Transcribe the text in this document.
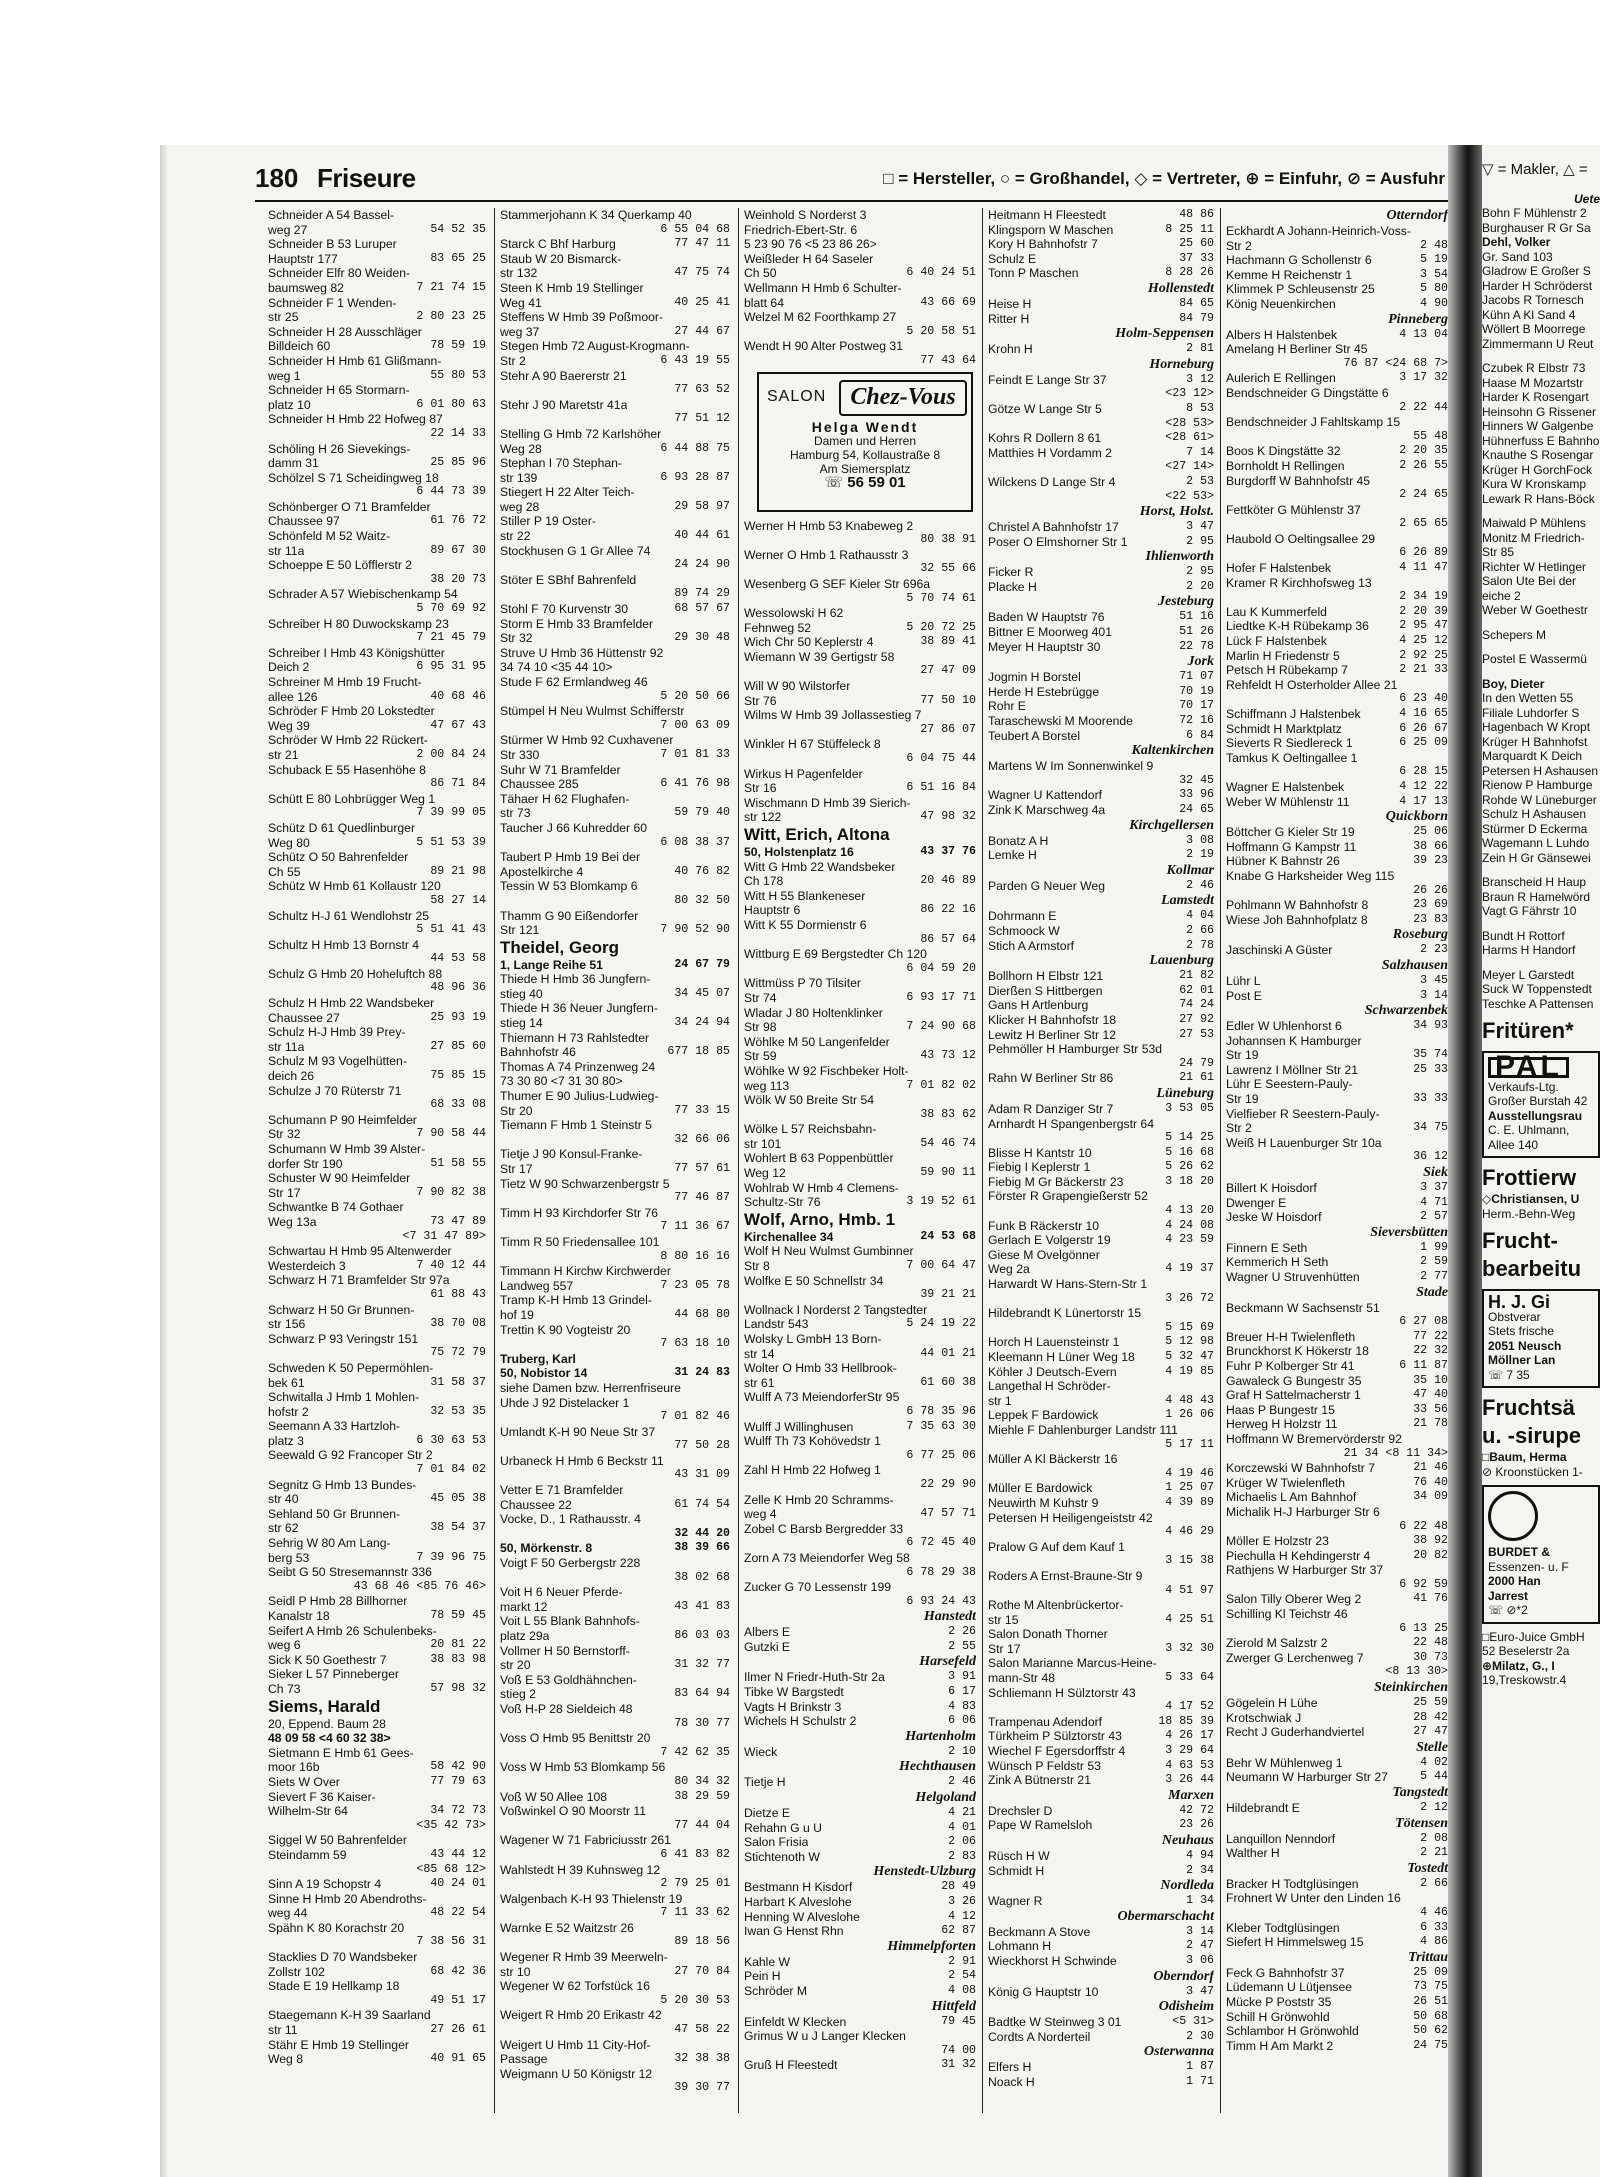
180 Friseure	□ = Hersteller, ○ = Großhandel, ◇ = Vertreter, ⊕ = Einfuhr, ⊘ = Ausfuhr
Schneider A 54 Bassel-
weg 27	54 52 35
Schneider B 53 Luruper
Hauptstr 177	83 65 25
Schneider Elfr 80 Weiden-
baumsweg 82	7 21 74 15
Schneider F 1 Wenden-
str 25	2 80 23 25
Schneider H 28 Ausschläger
Billdeich 60	78 59 19
Schneider H Hmb 61 Glißmann-
weg 1	55 80 53
Schneider H 65 Stormarn-
platz 10	6 01 80 63
Schneider H Hmb 22 Hofweg 87
22 14 33
Schöling H 26 Sievekings-
damm 31	25 85 96
Schölzel S 71 Scheidingweg 18
6 44 73 39
Schönberger O 71 Bramfelder
Chaussee 97	61 76 72
Schönfeld M 52 Waitz-
str 11a	89 67 30
Schoeppe E 50 Löfflerstr 2
38 20 73
Schrader A 57 Wiebischenkamp 54
5 70 69 92
Schreiber H 80 Duwockskamp 23
7 21 45 79
Schreiber I Hmb 43 Königshütter
Deich 2	6 95 31 95
Schreiner M Hmb 19 Frucht-
allee 126	40 68 46
Schröder F Hmb 20 Lokstedter
Weg 39	47 67 43
Schröder W Hmb 22 Rückert-
str 21	2 00 84 24
Schuback E 55 Hasenhöhe 8
86 71 84
Schütt E 80 Lohbrügger Weg 1
7 39 99 05
Schütz D 61 Quedlinburger
Weg 80	5 51 53 39
Schütz O 50 Bahrenfelder
Ch 55	89 21 98
Schütz W Hmb 61 Kollaustr 120
58 27 14
Schultz H-J 61 Wendlohstr 25
5 51 41 43
Schultz H Hmb 13 Bornstr 4
44 53 58
Schulz G Hmb 20 Hoheluftch 88
48 96 36
Schulz H Hmb 22 Wandsbeker
Chaussee 27	25 93 19
Schulz H-J Hmb 39 Prey-
str 11a	27 85 60
Schulz M 93 Vogelhütten-
deich 26	75 85 15
Schulze J 70 Rüterstr 71
68 33 08
Schumann P 90 Heimfelder
Str 32	7 90 58 44
Schumann W Hmb 39 Alster-
dorfer Str 190	51 58 55
Schuster W 90 Heimfelder
Str 17	7 90 82 38
Schwantke B 74 Gothaer
Weg 13a	73 47 89
<7 31 47 89>
Schwartau H Hmb 95 Altenwerder
Westerdeich 3	7 40 12 44
Schwarz H 71 Bramfelder Str 97a
61 88 43
Schwarz H 50 Gr Brunnen-
str 156	38 70 08
Schwarz P 93 Veringstr 151
75 72 79
Schweden K 50 Pepermöhlen-
bek 61	31 58 37
Schwitalla J Hmb 1 Mohlen-
hofstr 2	32 53 35
Seemann A 33 Hartzloh-
platz 3	6 30 63 53
Seewald G 92 Francoper Str 2
7 01 84 02
Segnitz G Hmb 13 Bundes-
str 40	45 05 38
Sehland 50 Gr Brunnen-
str 62	38 54 37
Sehrig W 80 Am Lang-
berg 53	7 39 96 75
Seibt G 50 Stresemannstr 336
43 68 46 <85 76 46>
Seidl P Hmb 28 Billhorner
Kanalstr 18	78 59 45
Seifert A Hmb 26 Schulenbeks-
weg 6	20 81 22
Sick K 50 Goethestr 7	38 83 98
Sieker L 57 Pinneberger
Ch 73	57 98 32
Siems, Harald
20, Eppend. Baum 28
48 09 58 <4 60 32 38>
Sietmann E Hmb 61 Gees-
moor 16b	58 42 90
Siets W Over	77 79 63
Sievert F 36 Kaiser-
Wilhelm-Str 64	34 72 73
<35 42 73>
Siggel W 50 Bahrenfelder
Steindamm 59	43 44 12
<85 68 12>
Sinn A 19 Schopstr 4	40 24 01
Sinne H Hmb 20 Abendroths-
weg 44	48 22 54
Spähn K 80 Korachstr 20
7 38 56 31
Stacklies D 70 Wandsbeker
Zollstr 102	68 42 36
Stade E 19 Hellkamp 18
49 51 17
Staegemann K-H 39 Saarland
str 11	27 26 61
Stähr E Hmb 19 Stellinger
Weg 8	40 91 65
Stammerjohann K 34 Querkamp 40
6 55 04 68
Starck C Bhf Harburg	77 47 11
Staub W 20 Bismarck-
str 132	47 75 74
Steen K Hmb 19 Stellinger
Weg 41	40 25 41
Steffens W Hmb 39 Poßmoor-
weg 37	27 44 67
Stegen Hmb 72 August-Krogmann-
Str 2	6 43 19 55
Stehr A 90 Baererstr 21
77 63 52
Stehr J 90 Maretstr 41a
77 51 12
Stelling G Hmb 72 Karlshöher
Weg 28	6 44 88 75
Stephan I 70 Stephan-
str 139	6 93 28 87
Stiegert H 22 Alter Teich-
weg 28	29 58 97
Stiller P 19 Oster-
str 22	40 44 61
Stockhusen G 1 Gr Allee 74
24 24 90
Stöter E SBhf Bahrenfeld
89 74 29
Stohl F 70 Kurvenstr 30	68 57 67
Storm E Hmb 33 Bramfelder
Str 32	29 30 48
Struve U Hmb 36 Hüttenstr 92
34 74 10 <35 44 10>
Stude F 62 Ermlandweg 46
5 20 50 66
Stümpel H Neu Wulmst Schifferstr
7 00 63 09
Stürmer W Hmb 92 Cuxhavener
Str 330	7 01 81 33
Suhr W 71 Bramfelder
Chaussee 285	6 41 76 98
Tähaer H 62 Flughafen-
str 73	59 79 40
Taucher J 66 Kuhredder 60
6 08 38 37
Taubert P Hmb 19 Bei der
Apostelkirche 4	40 76 82
Tessin W 53 Blomkamp 6
80 32 50
Thamm G 90 Eißendorfer
Str 121	7 90 52 90
Theidel, Georg
1, Lange Reihe 51	24 67 79
Thiede H Hmb 36 Jungfern-
stieg 40	34 45 07
Thiede H 36 Neuer Jungfern-
stieg 14	34 24 94
Thiemann H 73 Rahlstedter
Bahnhofstr 46	677 18 85
Thomas A 74 Prinzenweg 24
73 30 80 <7 31 30 80>
Thumer E 90 Julius-Ludwieg-
Str 20	77 33 15
Tiemann F Hmb 1 Steinstr 5
32 66 06
Tietje J 90 Konsul-Franke-
Str 17	77 57 61
Tietz W 90 Schwarzenbergstr 5
77 46 87
Timm H 93 Kirchdorfer Str 76
7 11 36 67
Timm R 50 Friedensallee 101
8 80 16 16
Timmann H Kirchw Kirchwerder
Landweg 557	7 23 05 78
Tramp K-H Hmb 13 Grindel-
hof 19	44 68 80
Trettin K 90 Vogteistr 20
7 63 18 10
Truberg, Karl
50, Nobistor 14	31 24 83
siehe Damen bzw. Herrenfriseure
Uhde J 92 Distelacker 1
7 01 82 46
Umlandt K-H 90 Neue Str 37
77 50 28
Urbaneck H Hmb 6 Beckstr 11
43 31 09
Vetter E 71 Bramfelder
Chaussee 22	61 74 54
Vocke, D., 1 Rathausstr. 4
32 44 20
50, Mörkenstr. 8	38 39 66
Voigt F 50 Gerbergstr 228
38 02 68
Voit H 6 Neuer Pferde-
markt 12	43 41 83
Voit L 55 Blank Bahnhofs-
platz 29a	86 03 03
Vollmer H 50 Bernstorff-
str 20	31 32 77
Voß E 53 Goldhähnchen-
stieg 2	83 64 94
Voß H-P 28 Sieldeich 48
78 30 77
Voss O Hmb 95 Benittstr 20
7 42 62 35
Voss W Hmb 53 Blomkamp 56
80 34 32
Voß W 50 Allee 108	38 29 59
Voßwinkel O 90 Moorstr 11
77 44 04
Wagener W 71 Fabriciusstr 261
6 41 83 82
Wahlstedt H 39 Kuhnsweg 12
2 79 25 01
Walgenbach K-H 93 Thielenstr 19
7 11 33 62
Warnke E 52 Waitzstr 26
89 18 56
Wegener R Hmb 39 Meerweln-
str 10	27 70 84
Wegener W 62 Torfstück 16
5 20 30 53
Weigert R Hmb 20 Erikastr 42
47 58 22
Weigert U Hmb 11 City-Hof-
Passage	32 38 38
Weigmann U 50 Königstr 12
39 30 77
Weinhold S Norderst 3
Friedrich-Ebert-Str. 6
5 23 90 76 <5 23 86 26>
Weißleder H 64 Saseler
Ch 50	6 40 24 51
Wellmann H Hmb 6 Schulter-
blatt 64	43 66 69
Welzel M 62 Foorthkamp 27
5 20 58 51
Wendt H 90 Alter Postweg 31
77 43 64
Werner H Hmb 53 Knabeweg 2
80 38 91
Werner O Hmb 1 Rathausstr 3
32 55 66
Wesenberg G SEF Kieler Str 696a
5 70 74 61
Wessolowski H 62
Fehnweg 52	5 20 72 25
Wich Chr 50 Keplerstr 4	38 89 41
Wiemann W 39 Gertigstr 58
27 47 09
Will W 90 Wilstorfer
Str 76	77 50 10
Wilms W Hmb 39 Jollassestieg 7
27 86 07
Winkler H 67 Stüffeleck 8
6 04 75 44
Wirkus H Pagenfelder
Str 16	6 51 16 84
Wischmann D Hmb 39 Sierich-
str 122	47 98 32
Witt, Erich, Altona
50, Holstenplatz 16	43 37 76
Witt G Hmb 22 Wandsbeker
Ch 178	20 46 89
Witt H 55 Blankeneser
Hauptstr 6	86 22 16
Witt K 55 Dormienstr 6
86 57 64
Wittburg E 69 Bergstedter Ch 120
6 04 59 20
Wittmüss P 70 Tilsiter
Str 74	6 93 17 71
Wladar J 80 Holtenklinker
Str 98	7 24 90 68
Wöhlke M 50 Langenfelder
Str 59	43 73 12
Wöhlke W 92 Fischbeker Holt-
weg 113	7 01 82 02
Wölk W 50 Breite Str 54
38 83 62
Wölke L 57 Reichsbahn-
str 101	54 46 74
Wohlert B 63 Poppenbüttler
Weg 12	59 90 11
Wohlrab W Hmb 4 Clemens-
Schultz-Str 76	3 19 52 61
Wolf, Arno, Hmb. 1
Kirchenallee 34	24 53 68
Wolf H Neu Wulmst Gumbinner
Str 8	7 00 64 47
Wolfke E 50 Schnellstr 34
39 21 21
Wollnack I Norderst 2 Tangstedter
Landstr 543	5 24 19 22
Wolsky L GmbH 13 Born-
str 14	44 01 21
Wolter O Hmb 33 Hellbrook-
str 61	61 60 38
Wulff A 73 MeiendorferStr 95
6 78 35 96
Wulff J Willinghusen	7 35 63 30
Wulff Th 73 Kohövedstr 1
6 77 25 06
Zahl H Hmb 22 Hofweg 1
22 29 90
Zelle K Hmb 20 Schramms-
weg 4	47 57 71
Zobel C Barsb Bergredder 33
6 72 45 40
Zorn A 73 Meiendorfer Weg 58
6 78 29 38
Zucker G 70 Lessenstr 199
6 93 24 43
Hanstedt
Albers E	2 26
Gutzki E	2 55
Harsefeld
Ilmer N Friedr-Huth-Str 2a	3 91
Tibke W Bargstedt	6 17
Vagts H Brinkstr 3	4 83
Wichels H Schulstr 2	6 06
Hartenholm
Wieck	2 10
Hechthausen
Tietje H	2 46
Helgoland
Dietze E	4 21
Rehahn G u U	4 01
Salon Frisia	2 06
Stichtenoth W	2 83
Henstedt-Ulzburg
Bestmann H Kisdorf	28 49
Harbart K Alveslohe	3 26
Henning W Alveslohe	4 12
Iwan G Henst Rhn	62 87
Himmelpforten
Kahle W	2 91
Pein H	2 54
Schröder M	4 08
Hittfeld
Einfeldt W Klecken	79 45
Grimus W u J Langer Klecken
74 00
Gruß H Fleestedt	31 32
Heitmann H Fleestedt	48 86
Klingsporn W Maschen	8 25 11
Kory H Bahnhofstr 7	25 60
Schulz E	37 33
Tonn P Maschen	8 28 26
Hollenstedt
Heise H	84 65
Ritter H	84 79
Holm-Seppensen
Krohn H	2 81
Horneburg
Feindt E Lange Str 37	3 12
<23 12>
Götze W Lange Str 5	8 53
<28 53>
Kohrs R Dollern 8 61	<28 61>
Matthies H Vordamm 2	7 14
<27 14>
Wilckens D Lange Str 4	2 53
<22 53>
Horst, Holst.
Christel A Bahnhofstr 17	3 47
Poser O Elmshorner Str 1	2 95
Ihlienworth
Ficker R	2 95
Placke H	2 20
Jesteburg
Baden W Hauptstr 76	51 16
Bittner E Moorweg 401	51 26
Meyer H Hauptstr 30	22 78
Jork
Jogmin H Borstel	71 07
Herde H Estebrügge	70 19
Rohr E	70 17
Taraschewski M Moorende	72 16
Teubert A Borstel	6 84
Kaltenkirchen
Martens W Im Sonnenwinkel 9
32 45
Wagner U Kattendorf	33 96
Zink K Marschweg 4a	24 65
Kirchgellersen
Bonatz A H	3 08
Lemke H	2 19
Kollmar
Parden G Neuer Weg	2 46
Lamstedt
Dohrmann E	4 04
Schmoock W	2 66
Stich A Armstorf	2 78
Lauenburg
Bollhorn H Elbstr 121	21 82
Dierßen S Hittbergen	62 01
Gans H Artlenburg	74 24
Klicker H Bahnhofstr 18	27 92
Lewitz H Berliner Str 12	27 53
Pehmöller H Hamburger Str 53d
24 79
Rahn W Berliner Str 86	21 61
Lüneburg
Adam R Danziger Str 7	3 53 05
Arnhardt H Spangenbergstr 64
5 14 25
Blisse H Kantstr 10	5 16 68
Fiebig I Keplerstr 1	5 26 62
Fiebig M Gr Bäckerstr 23	3 18 20
Förster R Grapengießerstr 52
4 13 20
Funk B Räckerstr 10	4 24 08
Gerlach E Volgerstr 19	4 23 59
Giese M Ovelgönner
Weg 2a	4 19 37
Harwardt W Hans-Stern-Str 1
3 26 72
Hildebrandt K Lünertorstr 15
5 15 69
Horch H Lauensteinstr 1	5 12 98
Kleemann H Lüner Weg 18	5 32 47
Köhler J Deutsch-Evern	4 19 85
Langethal H Schröder-
str 1	4 48 43
Leppek F Bardowick	1 26 06
Miehle F Dahlenburger Landstr 111
5 17 11
Müller A Kl Bäckerstr 16
4 19 46
Müller E Bardowick	1 25 07
Neuwirth M Kuhstr 9	4 39 89
Petersen H Heiligengeiststr 42
4 46 29
Pralow G Auf dem Kauf 1
3 15 38
Roders A Ernst-Braune-Str 9
4 51 97
Rothe M Altenbrückertor-
str 15	4 25 51
Salon Donath Thorner
Str 17	3 32 30
Salon Marianne Marcus-Heine-
mann-Str 48	5 33 64
Schliemann H Sülztorstr 43
4 17 52
Trampenau Adendorf	18 85 39
Türkheim P Sülztorstr 43	4 26 17
Wiechel F Egersdorffstr 4	3 29 64
Wünsch P Feldstr 53	4 63 53
Zink A Bütnerstr 21	3 26 44
Marxen
Drechsler D	42 72
Pape W Ramelsloh	23 26
Neuhaus
Rüsch H W	4 94
Schmidt H	2 34
Nordleda
Wagner R	1 34
Obermarschacht
Beckmann A Stove	3 14
Lohmann H	2 47
Wieckhorst H Schwinde	3 06
Oberndorf
König G Hauptstr 10	3 47
Odisheim
Badtke W Steinweg 3 01	<5 31>
Cordts A Norderteil	2 30
Osterwanna
Elfers H	1 87
Noack H	1 71
Otterndorf
Eckhardt A Johann-Heinrich-Voss-
Str 2	2 48
Hachmann G Schollenstr 6	5 19
Kemme H Reichenstr 1	3 54
Klimmek P Schleusenstr 25	5 80
König Neuenkirchen	4 90
Pinneberg
Albers H Halstenbek	4 13 04
Amelang H Berliner Str 45
76 87 <24 68 7>
Aulerich E Rellingen	3 17 32
Bendschneider G Dingstätte 6
2 22 44
Bendschneider J Fahltskamp 15
55 48
Boos K Dingstätte 32	2 20 35
Bornholdt H Rellingen	2 26 55
Burgdorff W Bahnhofstr 45
2 24 65
Fettköter G Mühlenstr 37
2 65 65
Haubold O Oeltingsallee 29
6 26 89
Hofer F Halstenbek	4 11 47
Kramer R Kirchhofsweg 13
2 34 19
Lau K Kummerfeld	2 20 39
Liedtke K-H Rübekamp 36	2 95 47
Lück F Halstenbek	4 25 12
Marlin H Friedenstr 5	2 92 25
Petsch H Rübekamp 7	2 21 33
Rehfeldt H Osterholder Allee 21
6 23 40
Schiffmann J Halstenbek	4 16 65
Schmidt H Marktplatz	6 26 67
Sieverts R Siedlereck 1	6 25 09
Tamkus K Oeltingallee 1
6 28 15
Wagner E Halstenbek	4 12 22
Weber W Mühlenstr 11	4 17 13
Quickborn
Böttcher G Kieler Str 19	25 06
Hoffmann G Kampstr 11	38 66
Hübner K Bahnstr 26	39 23
Knabe G Harksheider Weg 115
26 26
Pohlmann W Bahnhofstr 8	23 69
Wiese Joh Bahnhofplatz 8	23 83
Roseburg
Jaschinski A Güster	2 23
Salzhausen
Lühr L	3 45
Post E	3 14
Schwarzenbek
Edler W Uhlenhorst 6	34 93
Johannsen K Hamburger
Str 19	35 74
Lawrenz I Möllner Str 21	25 33
Lühr E Seestern-Pauly-
Str 19	33 33
Vielfieber R Seestern-Pauly-
Str 2	34 75
Weiß H Lauenburger Str 10a
36 12
Siek
Billert K Hoisdorf	3 37
Dwenger E	4 71
Jeske W Hoisdorf	2 57
Sieversbütten
Finnern E Seth	1 99
Kemmerich H Seth	2 59
Wagner U Struvenhütten	2 77
Stade
Beckmann W Sachsenstr 51
6 27 08
Breuer H-H Twielenfleth	77 22
Brunckhorst K Hökerstr 18	22 32
Fuhr P Kolberger Str 41	6 11 87
Gawaleck G Bungestr 35	35 10
Graf H Sattelmacherstr 1	47 40
Haas P Bungestr 15	33 56
Herweg H Holzstr 11	21 78
Hoffmann W Bremervörderstr 92
21 34 <8 11 34>
Korczewski W Bahnhofstr 7	21 46
Krüger W Twielenfleth	76 40
Michaelis L Am Bahnhof	34 09
Michalik H-J Harburger Str 6
6 22 48
Möller E Holzstr 23	38 92
Piechulla H Kehdingerstr 4	20 82
Rathjens W Harburger Str 37
6 92 59
Salon Tilly Oberer Weg 2	41 76
Schilling Kl Teichstr 46
6 13 25
Zierold M Salzstr 2	22 48
Zwerger G Lerchenweg 7	30 73
<8 13 30>
Steinkirchen
Gögelein H Lühe	25 59
Krotschwiak J	28 42
Recht J Guderhandviertel	27 47
Stelle
Behr W Mühlenweg 1	4 02
Neumann W Harburger Str 27	5 44
Tangstedt
Hildebrandt E	2 12
Tötensen
Lanquillon Nenndorf	2 08
Walther H	2 21
Tostedt
Bracker H Todtglüsingen	2 66
Frohnert W Unter den Linden 16
4 46
Kleber Todtglüsingen	6 33
Siefert H Himmelsweg 15	4 86
Trittau
Feck G Bahnhofstr 37	25 09
Lüdemann U Lütjensee	73 75
Mücke P Poststr 35	26 51
Schill H Grönwohld	50 68
Schlambor H Grönwohld	50 62
Timm H Am Markt 2	24 75
SALON	Chez-Vous
Helga Wendt
Damen und Herren
Hamburg 54, Kollaustraße 8
Am Siemersplatz
☏ 56 59 01
▽ = Makler, △ =
Uete
Bohn F Mühlenstr 2
Burghauser R Gr Sa
Dehl, Volker
Gr. Sand 103
Gladrow E Großer S
Harder H Schröderst
Jacobs R Tornesch
Kühn A Kl Sand 4
Wöllert B Moorrege
Zimmermann U Reut
Czubek R Elbstr 73
Haase M Mozartstr
Harder K Rosengart
Heinsohn G Rissener
Hinners W Galgenbe
Hühnerfuss E Bahnho
Knauthe S Rosengar
Krüger H GorchFock
Kura W Kronskamp
Lewark R Hans-Böck
Maiwald P Mühlens
Monitz M Friedrich-
Str 85
Richter W Hetlinger
Salon Ute Bei der
eiche 2
Weber W Goethestr
Schepers M
Postel E Wassermü
Boy, Dieter
In den Wetten 55
Filiale Luhdorfer S
Hagenbach W Kropt
Krüger H Bahnhofst
Marquardt K Deich
Petersen H Ashausen
Rienow P Hamburge
Rohde W Lüneburger
Schulz H Ashausen
Stürmer D Eckerma
Wagemann L Luhdo
Zein H Gr Gänsewei
Branscheid H Haup
Braun R Hamelwörd
Vagt G Fährstr 10
Bundt H Rottorf
Harms H Handorf
Meyer L Garstedt
Suck W Toppenstedt
Teschke A Pattensen
Fritüren*
PAL
Verkaufs-Ltg.
Großer Burstah 42
Ausstellungsrau
C. E. Uhlmann,
Allee 140
Frottierw
◇Christiansen, U
Herm.-Behn-Weg
Frucht-
bearbeitu
H. J. Gi
Obstverar
Stets frische
2051 Neusch
Möllner Lan
☏ 7 35
Fruchtsä
u. -sirupe
□Baum, Herma
⊘ Kroonstücken 1-
BURDET &
Essenzen- u. F
2000 Han
Jarrest
☏ ⊘*2
□Euro-Juice GmbH
52 Beselerstr 2a
⊕Milatz, G., I
19,Treskowstr.4
